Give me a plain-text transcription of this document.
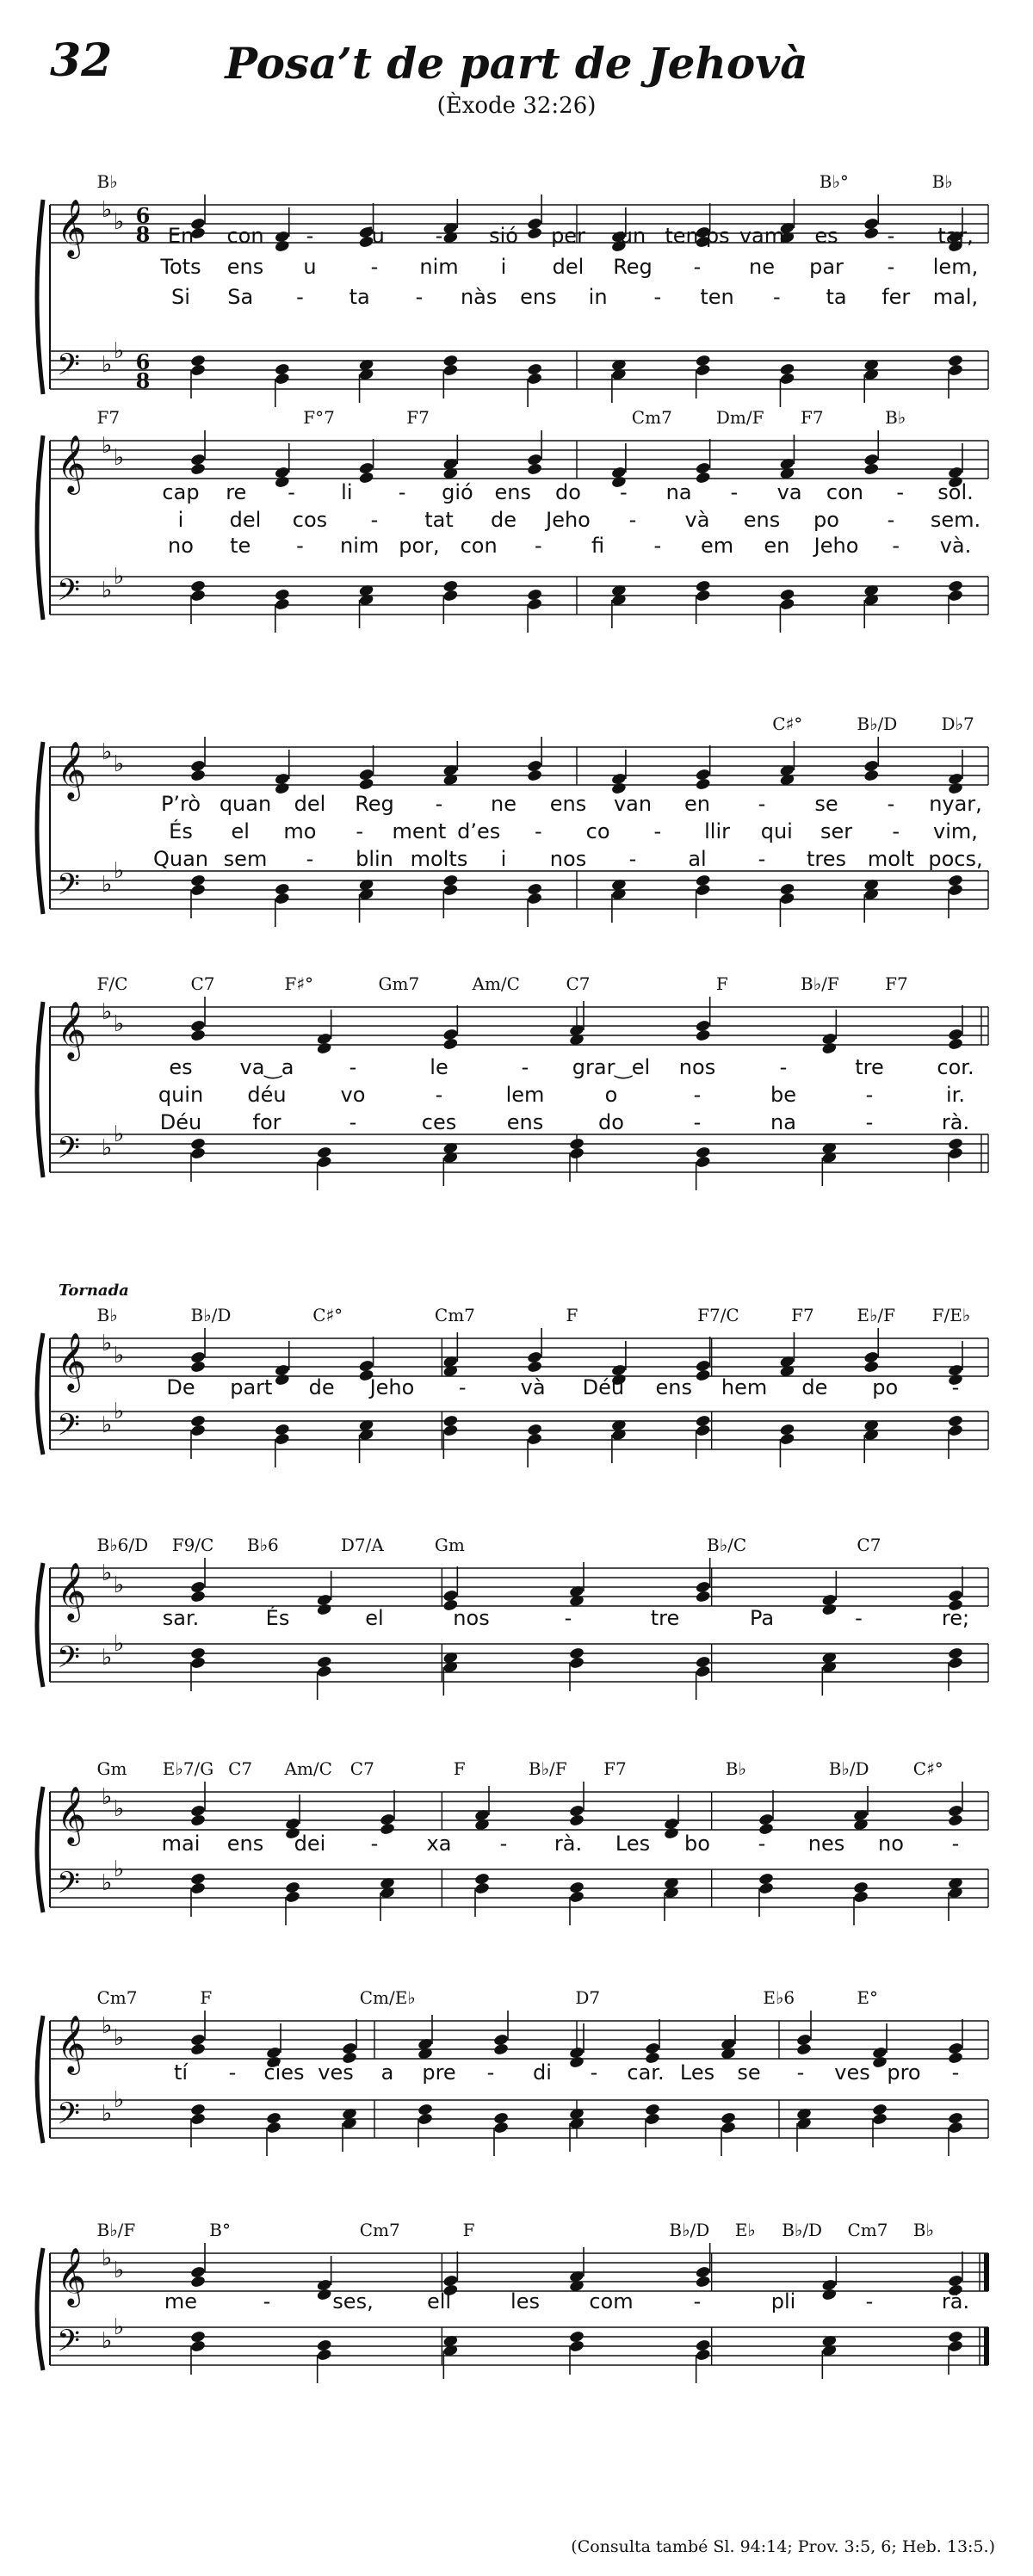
32	Posa’t de part de Jehovà
(Èxode 32:26)
𝄞
𝄢
♭ ♭
♭
♭
6
8
6
8
B♭	B♭°	B♭
En con - fu - sió per un temps vam es - tar,
Tots ens u	- nim i del Reg - ne par - lem,
Si Sa - ta - nàs ens in - ten - ta fer mal,
𝄞
𝄢
♭ ♭
♭
♭
F7	F°7	F7	Cm7	Dm/F F7	B♭
cap re - li - gió ens do - na - va con - sol.
i del cos - tat de Jeho - và ens po - sem.
no te - nim por, con - fi - em en Jeho - và.
𝄞
𝄢
♭ ♭
♭
♭
C♯°	B♭/D	D♭7
P’rò quan del Reg - ne ens van en - se - nyar,
És el mo - ment d’es - co - llir qui ser - vim,
Quan sem - blin molts i nos - al - tres molt pocs,
𝄞
𝄢
♭ ♭
♭
♭
F/C	C7	F♯°	Gm7	Am/C	C7	F	B♭/F	F7
es va‿a	-	le	- grar‿el nos	-	tre	cor.
quin déu	vo	-	lem	o	-	be	-	ir.
Déu for	-	ces ens	do	-	na	-	rà.
𝄞
𝄢
♭ ♭
♭
♭
B♭	B♭/D	C♯°	Cm7	F	F7/C	F7 E♭/F F/E♭
De part de Jeho -	và Déu ens hem de po	-
𝄞
𝄢
♭ ♭
♭
♭
B♭6/D F9/C B♭6	D7/A	Gm	B♭/C	C7
sar.	És	el	nos	-	tre	Pa	-	re;
𝄞
𝄢
♭ ♭
♭
♭
Gm E♭7/G C7 Am/C C7	F	B♭/F F7	B♭	B♭/D	C♯°
mai ens dei - xa - rà. Les bo - nes no -
𝄞
𝄢
♭ ♭
♭
♭
Cm7	F	Cm/E♭	D7	E♭6	E°
tí - cies ves a pre - di - car. Les se - ves pro -
𝄞
𝄢
♭ ♭
♭
♭
B♭/F	B°	Cm7	F	B♭/D E♭ B♭/D Cm7 B♭
me	-	ses,	ell	les com	-	pli	-	rà.
Tornada
(Consulta també Sl. 94:14; Prov. 3:5, 6; Heb. 13:5.)
